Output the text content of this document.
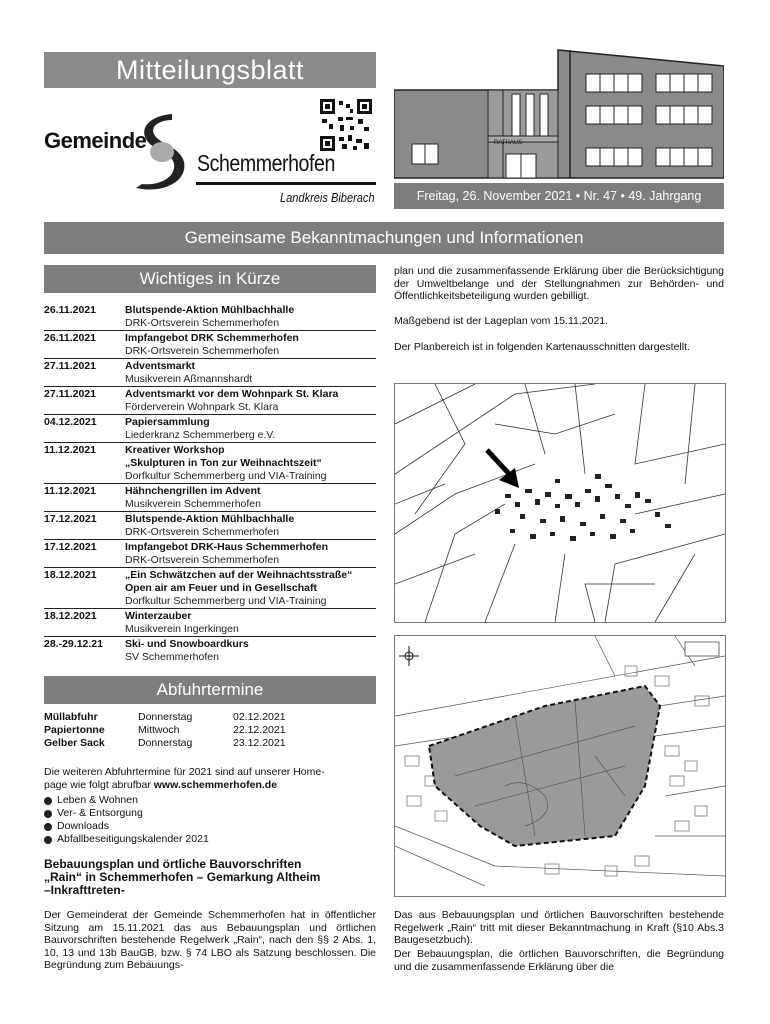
Mitteilungsblatt
Gemeinde
Schemmerhofen
Landkreis Biberach
RATHAUS
Freitag, 26. November 2021 • Nr. 47 • 49. Jahrgang
Gemeinsame Bekanntmachungen und Informationen
Wichtiges in Kürze
26.11.2021	Blutspende-Aktion Mühlbachhalle
DRK-Ortsverein Schemmerhofen
26.11.2021	Impfangebot DRK Schemmerhofen
DRK-Ortsverein Schemmerhofen
27.11.2021	Adventsmarkt
Musikverein Aßmannshardt
27.11.2021	Adventsmarkt vor dem Wohnpark St. Klara
Förderverein Wohnpark St. Klara
04.12.2021	Papiersammlung
Liederkranz Schemmerberg e.V.
11.12.2021	Kreativer Workshop
„Skulpturen in Ton zur Weihnachtszeit“
Dorfkultur Schemmerberg und VIA-Training
11.12.2021	Hähnchengrillen im Advent
Musikverein Schemmerhofen
17.12.2021	Blutspende-Aktion Mühlbachhalle
DRK-Ortsverein Schemmerhofen
17.12.2021	Impfangebot DRK-Haus Schemmerhofen
DRK-Ortsverein Schemmerhofen
18.12.2021	„Ein Schwätzchen auf der Weihnachtsstraße“
Open air am Feuer und in Gesellschaft
Dorfkultur Schemmerberg und VIA-Training
18.12.2021	Winterzauber
Musikverein Ingerkingen
28.-29.12.21	Ski- und Snowboardkurs
SV Schemmerhofen
Abfuhrtermine
Müllabfuhr	Donnerstag	02.12.2021
Papiertonne	Mittwoch	22.12.2021
Gelber Sack	Donnerstag	23.12.2021
Die weiteren Abfuhrtermine für 2021 sind auf unserer Home-
page wie folgt abrufbar www.schemmerhofen.de
Leben & Wohnen
Ver- & Entsorgung
Downloads
Abfallbeseitigungskalender 2021
Bebauungsplan und örtliche Bauvorschriften
„Rain“ in Schemmerhofen – Gemarkung Altheim
–Inkrafttreten-
Der Gemeinderat der Gemeinde Schemmerhofen hat in öffentlicher Sitzung am 15.11.2021 das aus Bebauungsplan und örtlichen Bauvorschriften bestehende Regelwerk „Rain“, nach den §§ 2 Abs. 1, 10, 13 und 13b BauGB, bzw. § 74 LBO als Satzung beschlossen. Die Begründung zum Bebauungs-
plan und die zusammenfassende Erklärung über die Berücksichtigung der Umweltbelange und der Stellungnahmen zur Behörden- und Öffentlichkeitsbeteiligung wurden gebilligt.
Maßgebend ist der Lageplan vom 15.11.2021.
Der Planbereich ist in folgenden Kartenausschnitten dargestellt.
Das aus Bebauungsplan und örtlichen Bauvorschriften bestehende Regelwerk „Rain“ tritt mit dieser Bekanntmachung in Kraft (§10 Abs.3 Baugesetzbuch).
Der Bebauungsplan, die örtlichen Bauvorschriften, die Begründung und die zusammenfassende Erklärung über die
